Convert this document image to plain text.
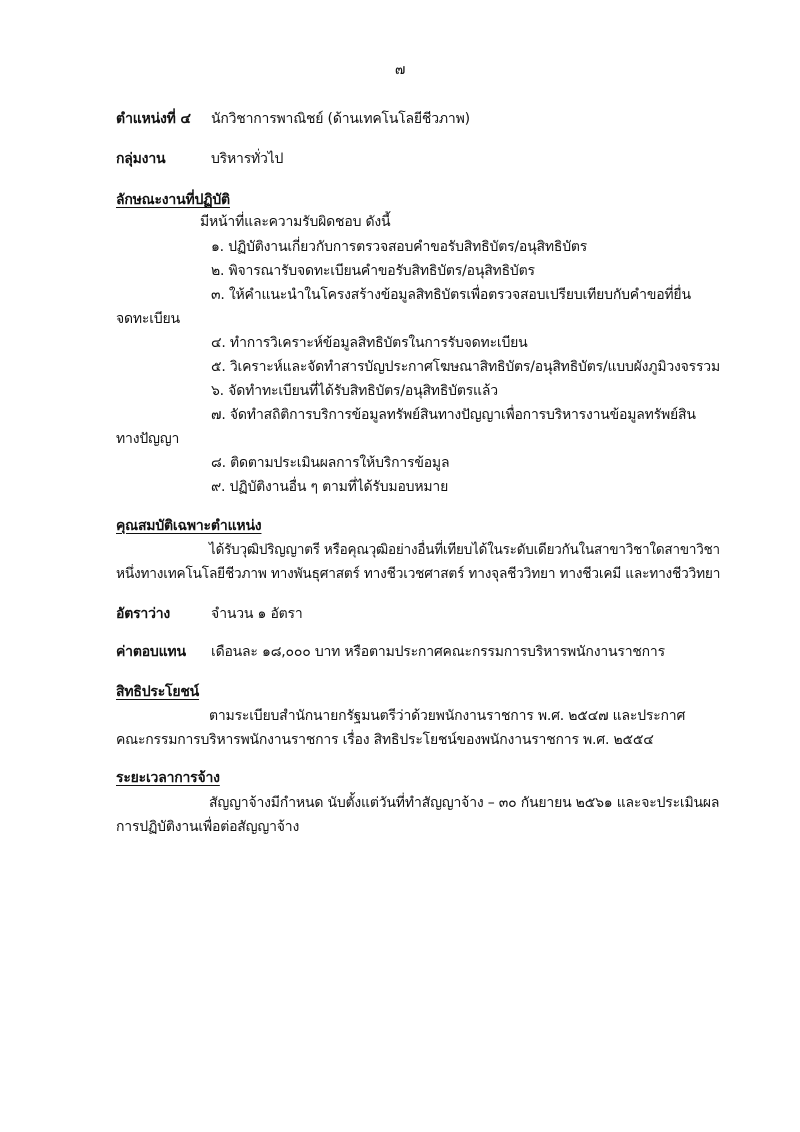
๗
ตำแหน่งที่ ๔ นักวิชาการพาณิชย์ (ด้านเทคโนโลยีชีวภาพ)
กลุ่มงาน	บริหารทั่วไป
ลักษณะงานที่ปฏิบัติ
มีหน้าที่และความรับผิดชอบ ดังนี้
๑. ปฏิบัติงานเกี่ยวกับการตรวจสอบคำขอรับสิทธิบัตร/อนุสิทธิบัตร
๒. พิจารณารับจดทะเบียนคำขอรับสิทธิบัตร/อนุสิทธิบัตร
๓. ให้คำแนะนำในโครงสร้างข้อมูลสิทธิบัตรเพื่อตรวจสอบเปรียบเทียบกับคำขอที่ยื่น
จดทะเบียน
๔. ทำการวิเคราะห์ข้อมูลสิทธิบัตรในการรับจดทะเบียน
๕. วิเคราะห์และจัดทำสารบัญประกาศโฆษณาสิทธิบัตร/อนุสิทธิบัตร/แบบผังภูมิวงจรรวม
๖. จัดทำทะเบียนที่ได้รับสิทธิบัตร/อนุสิทธิบัตรแล้ว
๗. จัดทำสถิติการบริการข้อมูลทรัพย์สินทางปัญญาเพื่อการบริหารงานข้อมูลทรัพย์สิน
ทางปัญญา
๘. ติดตามประเมินผลการให้บริการข้อมูล
๙. ปฏิบัติงานอื่น ๆ ตามที่ได้รับมอบหมาย
คุณสมบัติเฉพาะตำแหน่ง
ได้รับวุฒิปริญญาตรี หรือคุณวุฒิอย่างอื่นที่เทียบได้ในระดับเดียวกันในสาขาวิชาใดสาขาวิชา
หนึ่งทางเทคโนโลยีชีวภาพ ทางพันธุศาสตร์ ทางชีวเวชศาสตร์ ทางจุลชีววิทยา ทางชีวเคมี และทางชีววิทยา
อัตราว่าง	จำนวน ๑ อัตรา
ค่าตอบแทน เดือนละ ๑๘,๐๐๐ บาท หรือตามประกาศคณะกรรมการบริหารพนักงานราชการ
สิทธิประโยชน์
ตามระเบียบสำนักนายกรัฐมนตรีว่าด้วยพนักงานราชการ พ.ศ. ๒๕๔๗ และประกาศ
คณะกรรมการบริหารพนักงานราชการ เรื่อง สิทธิประโยชน์ของพนักงานราชการ พ.ศ. ๒๕๕๔
ระยะเวลาการจ้าง
สัญญาจ้างมีกำหนด นับตั้งแต่วันที่ทำสัญญาจ้าง – ๓๐ กันยายน ๒๕๖๑ และจะประเมินผล
การปฏิบัติงานเพื่อต่อสัญญาจ้าง
